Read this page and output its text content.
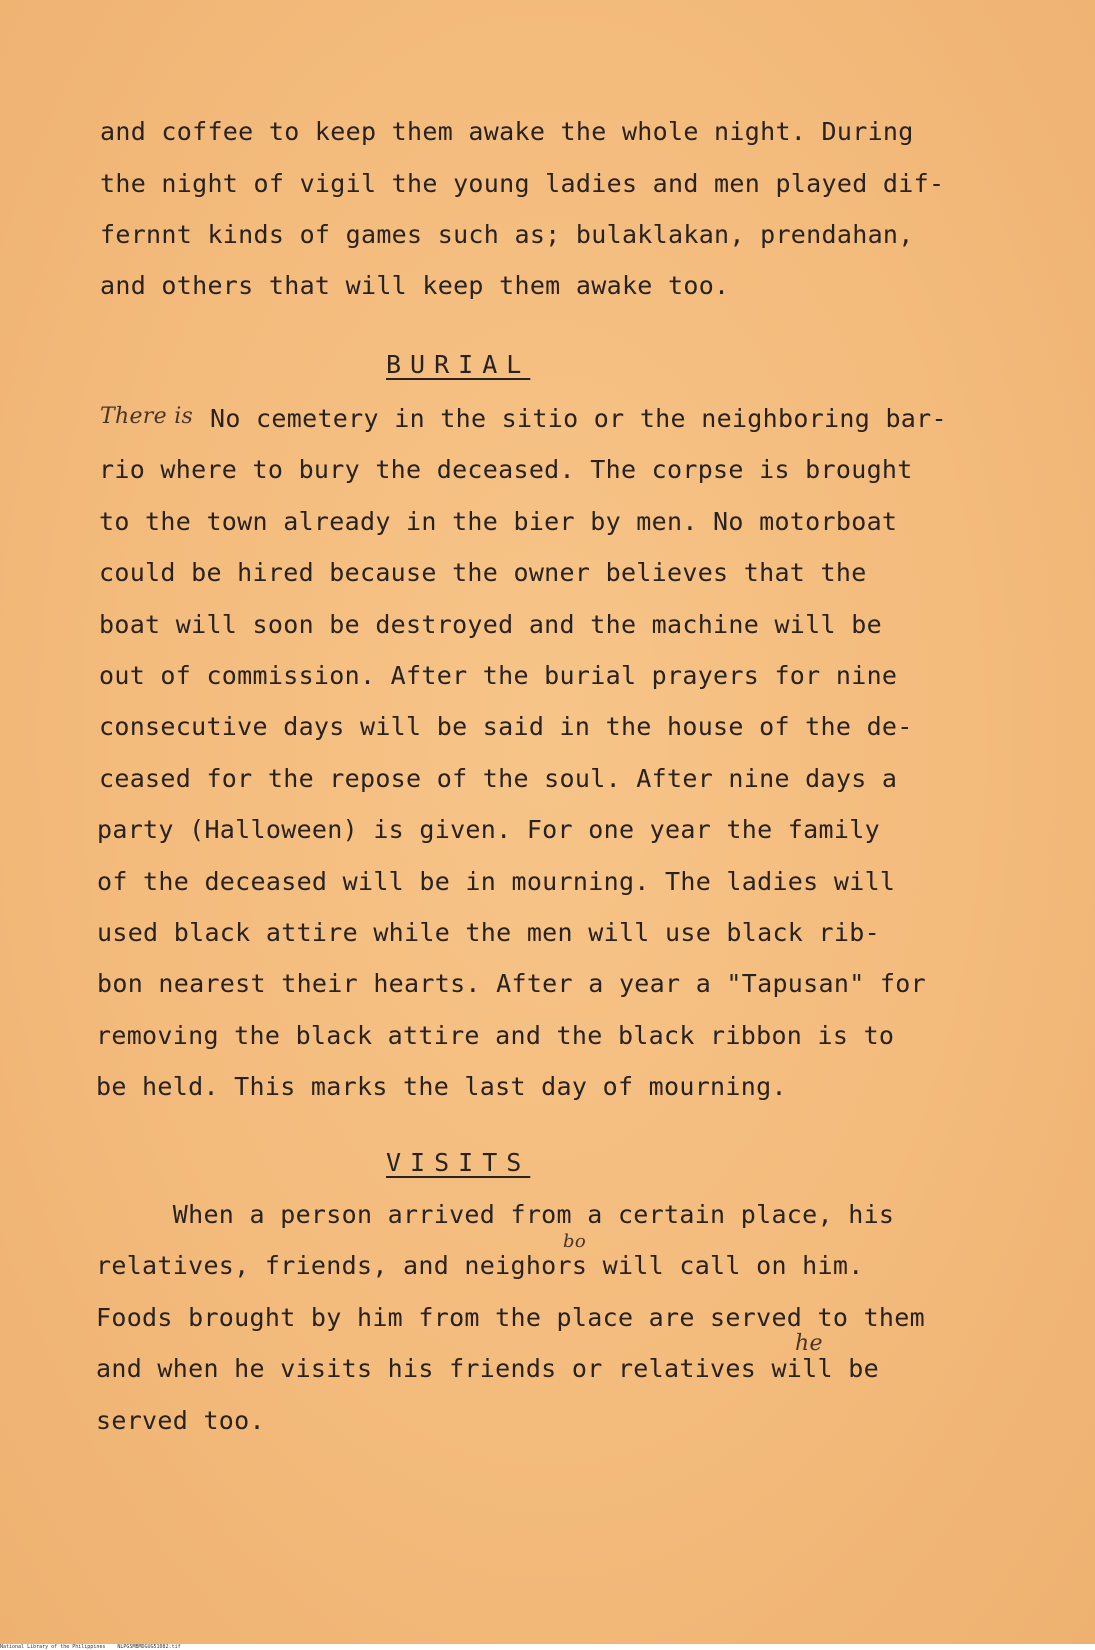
and coffee to keep them awake the whole night. During
the night of vigil the young ladies and men played dif-
fernnt kinds of games such as; bulaklakan, prendahan,
and others that will keep them awake too.
BURIAL
There is No cemetery in the sitio or the neighboring bar-
rio where to bury the deceased. The corpse is brought
to the town already in the bier by men. No motorboat
could be hired because the owner believes that the
boat will soon be destroyed and the machine will be
out of commission. After the burial prayers for nine
consecutive days will be said in the house of the de-
ceased for the repose of the soul. After nine days a
party (Halloween) is given. For one year the family
of the deceased will be in mourning. The ladies will
used black attire while the men will use black rib-
bon nearest their hearts. After a year a "Tapusan" for
removing the black attire and the black ribbon is to
be held. This marks the last day of mourning.
VISITS
When a person arrived from a certain place, his
bo
relatives, friends, and neighors will call on him.
Foods brought by him from the place are served to them
he
and when he visits his friends or relatives will be
served too.
National Library of the Philippines    NLPGSMBMDGUG51082.tif
